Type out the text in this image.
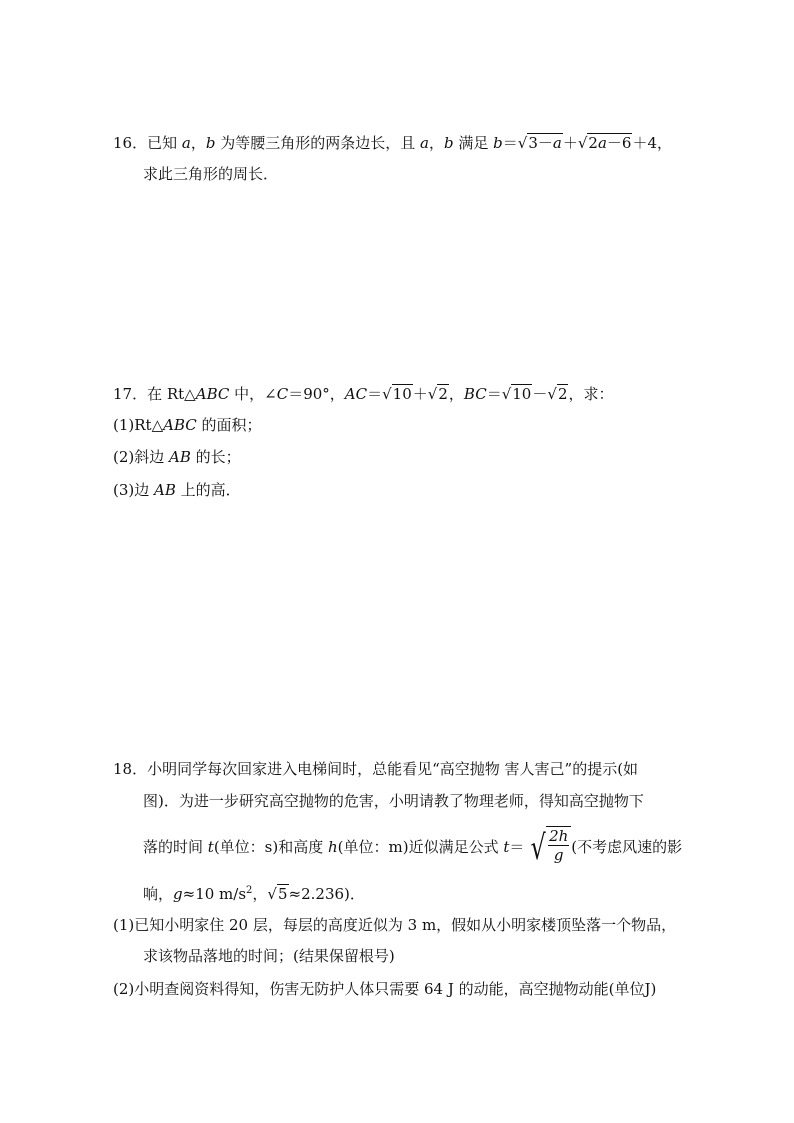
16．已知 a，b 为等腰三角形的两条边长，且 a，b 满足 b＝√3－a＋√2a－6＋4，
求此三角形的周长．
17．在 Rt△ABC 中，∠C＝90°，AC＝√10＋√2，BC＝√10－√2，求：
(1)Rt△ABC 的面积；
(2)斜边 AB 的长；
(3)边 AB 上的高．
18．小明同学每次回家进入电梯间时，总能看见“高空抛物 害人害己”的提示(如
图)．为进一步研究高空抛物的危害，小明请教了物理老师，得知高空抛物下
落的时间 t(单位：s)和高度 h(单位：m)近似满足公式 t＝ √ $\frac{2h}{g}$ (不考虑风速的影
响，g≈10 $m/s^2$，√5≈2.236)．
(1)已知小明家住 20 层，每层的高度近似为 3 m，假如从小明家楼顶坠落一个物品，
求该物品落地的时间；(结果保留根号)
(2)小明查阅资料得知，伤害无防护人体只需要 64 J 的动能，高空抛物动能(单位J)
